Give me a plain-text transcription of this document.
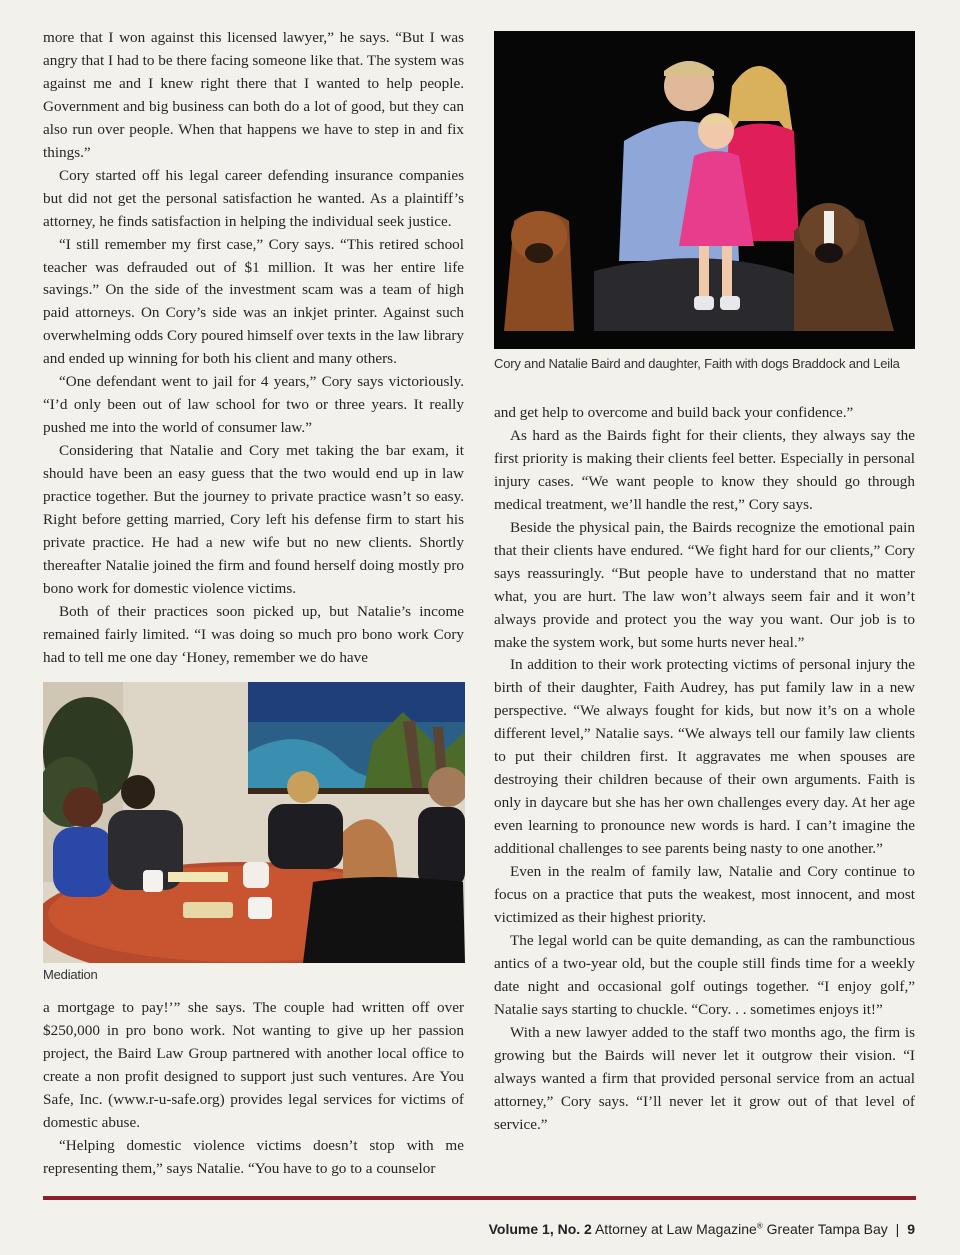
more that I won against this licensed lawyer,” he says. “But I was angry that I had to be there facing someone like that. The system was against me and I knew right there that I wanted to help people. Government and big business can both do a lot of good, but they can also run over people. When that happens we have to step in and fix things.”

Cory started off his legal career defending insurance companies but did not get the personal satisfaction he wanted. As a plaintiff’s attorney, he finds satisfaction in helping the individual seek justice.

“I still remember my first case,” Cory says. “This retired school teacher was defrauded out of $1 million. It was her entire life savings.” On the side of the investment scam was a team of high paid attorneys. On Cory’s side was an inkjet printer. Against such overwhelming odds Cory poured himself over texts in the law library and ended up winning for both his client and many others.

“One defendant went to jail for 4 years,” Cory says victoriously. “I’d only been out of law school for two or three years. It really pushed me into the world of consumer law.”

Considering that Natalie and Cory met taking the bar exam, it should have been an easy guess that the two would end up in law practice together. But the journey to private practice wasn’t so easy. Right before getting married, Cory left his defense firm to start his private practice. He had a new wife but no new clients. Shortly thereafter Natalie joined the firm and found herself doing mostly pro bono work for domestic violence victims.

Both of their practices soon picked up, but Natalie’s income remained fairly limited. “I was doing so much pro bono work Cory had to tell me one day ‘Honey, remember we do have

Mediation

a mortgage to pay!’” she says. The couple had written off over $250,000 in pro bono work. Not wanting to give up her passion project, the Baird Law Group partnered with another local office to create a non profit designed to support just such ventures. Are You Safe, Inc. (www.r-u-safe.org) provides legal services for victims of domestic abuse.

“Helping domestic violence victims doesn’t stop with me representing them,” says Natalie. “You have to go to a counselor

Cory and Natalie Baird and daughter, Faith with dogs Braddock and Leila

and get help to overcome and build back your confidence.”

As hard as the Bairds fight for their clients, they always say the first priority is making their clients feel better. Especially in personal injury cases. “We want people to know they should go through medical treatment, we’ll handle the rest,” Cory says.

Beside the physical pain, the Bairds recognize the emotional pain that their clients have endured. “We fight hard for our clients,” Cory says reassuringly. “But people have to understand that no matter what, you are hurt. The law won’t always seem fair and it won’t always provide and protect you the way you want. Our job is to make the system work, but some hurts never heal.”

In addition to their work protecting victims of personal injury the birth of their daughter, Faith Audrey, has put family law in a new perspective. “We always fought for kids, but now it’s on a whole different level,” Natalie says. “We always tell our family law clients to put their children first. It aggravates me when spouses are destroying their children because of their own arguments. Faith is only in daycare but she has her own challenges every day. At her age even learning to pronounce new words is hard. I can’t imagine the additional challenges to see parents being nasty to one another.”

Even in the realm of family law, Natalie and Cory continue to focus on a practice that puts the weakest, most innocent, and most victimized as their highest priority.

The legal world can be quite demanding, as can the rambunctious antics of a two-year old, but the couple still finds time for a weekly date night and occasional golf outings together. “I enjoy golf,” Natalie says starting to chuckle. “Cory. . . sometimes enjoys it!”

With a new lawyer added to the staff two months ago, the firm is growing but the Bairds will never let it outgrow their vision. “I always wanted a firm that provided personal service from an actual attorney,” Cory says. “I’ll never let it grow out of that level of service.”

Volume 1, No. 2 Attorney at Law Magazine® Greater Tampa Bay | 9
